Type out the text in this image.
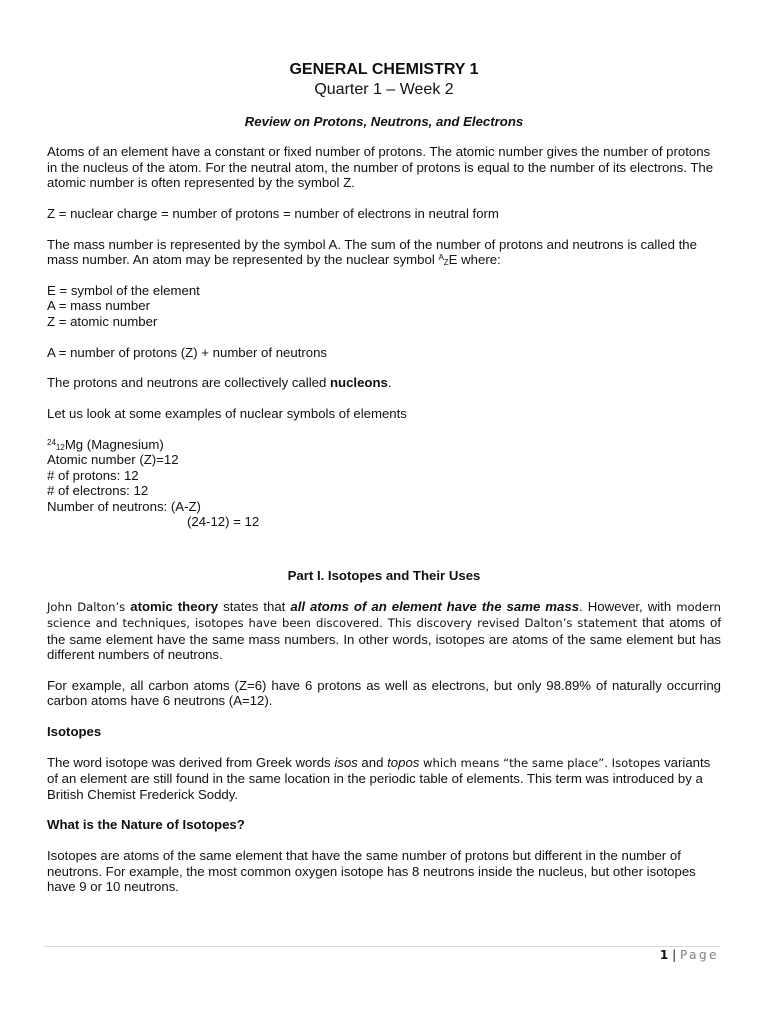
GENERAL CHEMISTRY 1
Quarter 1 – Week 2
Review on Protons, Neutrons, and Electrons

Atoms of an element have a constant or fixed number of protons. The atomic number gives the number of protons in the nucleus of the atom. For the neutral atom, the number of protons is equal to the number of its electrons. The atomic number is often represented by the symbol Z.

Z = nuclear charge = number of protons = number of electrons in neutral form

The mass number is represented by the symbol A. The sum of the number of protons and neutrons is called the mass number. An atom may be represented by the nuclear symbol $^A_Z$E where:

E = symbol of the element
A = mass number
Z = atomic number

A = number of protons (Z) + number of neutrons

The protons and neutrons are collectively called nucleons.

Let us look at some examples of nuclear symbols of elements

$^{24}_{12}$Mg (Magnesium)
Atomic number (Z)=12
# of protons: 12
# of electrons: 12
Number of neutrons: (A-Z)
(24-12) = 12
Part I. Isotopes and Their Uses

John Dalton’s atomic theory states that all atoms of an element have the same mass. However, with modern science and techniques, isotopes have been discovered. This discovery revised Dalton’s statement that atoms of the same element have the same mass numbers. In other words, isotopes are atoms of the same element but has different numbers of neutrons.

For example, all carbon atoms (Z=6) have 6 protons as well as electrons, but only 98.89% of naturally occurring carbon atoms have 6 neutrons (A=12).

Isotopes

The word isotope was derived from Greek words isos and topos which means “the same place”. Isotopes variants of an element are still found in the same location in the periodic table of elements. This term was introduced by a British Chemist Frederick Soddy.

What is the Nature of Isotopes?

Isotopes are atoms of the same element that have the same number of protons but different in the number of neutrons. For example, the most common oxygen isotope has 8 neutrons inside the nucleus, but other isotopes have 9 or 10 neutrons.

1 | Page
